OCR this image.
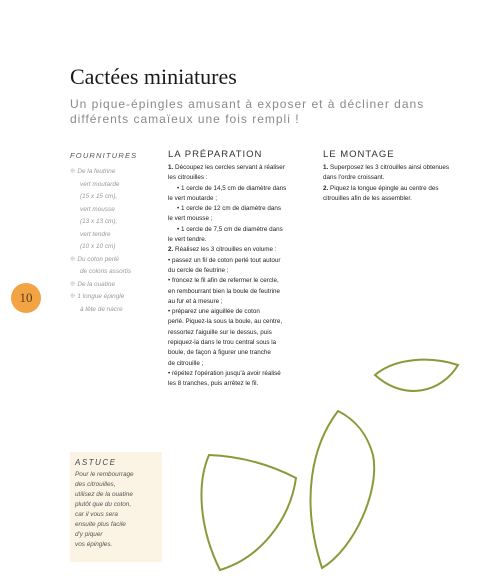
Cactées miniatures
Un pique-épingles amusant à exposer et à décliner dans différents camaïeux une fois rempli !
FOURNITURES
❊ De la feutrine
vert moutarde
(15 x 15 cm),
vert mousse
(13 x 13 cm),
vert tendre
(10 x 10 cm)
❊ Du coton perlé
de coloris assortis
❊ De la ouatine
❊ 1 longue épingle
à tête de nacre
10
LA PRÉPARATION
1. Découpez les cercles servant à réaliser
les citrouilles :
• 1 cercle de 14,5 cm de diamètre dans
le vert moutarde ;
• 1 cercle de 12 cm de diamètre dans
le vert mousse ;
• 1 cercle de 7,5 cm de diamètre dans
le vert tendre.
2. Réalisez les 3 citrouilles en volume :
• passez un fil de coton perlé tout autour
du cercle de feutrine ;
• froncez le fil afin de refermer le cercle,
en rembourrant bien la boule de feutrine
au fur et à mesure ;
• préparez une aiguillée de coton
perlé. Piquez-la sous la boule, au centre,
ressortez l'aiguille sur le dessus, puis
repiquez-la dans le trou central sous la
boule, de façon à figurer une tranche
de citrouille ;
• répétez l'opération jusqu'à avoir réalisé
les 8 tranches, puis arrêtez le fil.
LE MONTAGE
1. Superposez les 3 citrouilles ainsi obtenues
dans l'ordre croissant.
2. Piquez la longue épingle au centre des
citrouilles afin de les assembler.
ASTUCE
Pour le rembourrage
des citrouilles,
utilisez de la ouatine
plutôt que du coton,
car il vous sera
ensuite plus facile
d'y piquer
vos épingles.
